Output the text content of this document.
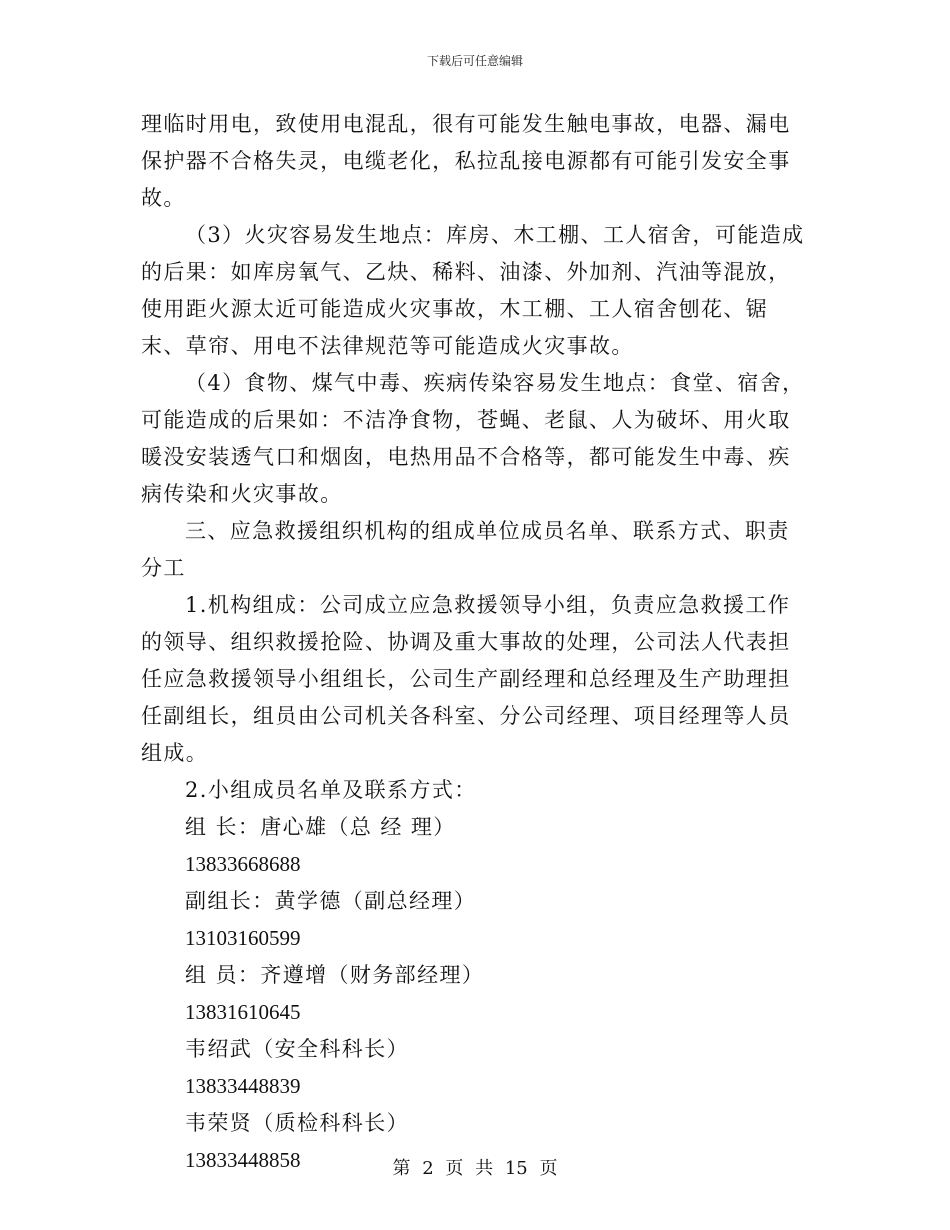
下载后可任意编辑

理临时用电，致使用电混乱，很有可能发生触电事故，电器、漏电保护器不合格失灵，电缆老化，私拉乱接电源都有可能引发安全事故。

（3）火灾容易发生地点：库房、木工棚、工人宿舍，可能造成的后果：如库房氧气、乙炔、稀料、油漆、外加剂、汽油等混放，使用距火源太近可能造成火灾事故，木工棚、工人宿舍刨花、锯末、草帘、用电不法律规范等可能造成火灾事故。

（4）食物、煤气中毒、疾病传染容易发生地点：食堂、宿舍，可能造成的后果如：不洁净食物，苍蝇、老鼠、人为破坏、用火取暖没安装透气口和烟囱，电热用品不合格等，都可能发生中毒、疾病传染和火灾事故。

三、应急救援组织机构的组成单位成员名单、联系方式、职责分工

1.机构组成：公司成立应急救援领导小组，负责应急救援工作的领导、组织救援抢险、协调及重大事故的处理，公司法人代表担任应急救援领导小组组长，公司生产副经理和总经理及生产助理担任副组长，组员由公司机关各科室、分公司经理、项目经理等人员组成。

2.小组成员名单及联系方式：

组 长：唐心雄（总 经 理）

13833668688

副组长：黄学德（副总经理）

13103160599

组 员：齐遵增（财务部经理）

13831610645

韦绍武（安全科科长）

13833448839

韦荣贤（质检科科长）

13833448858	第 2 页 共 15 页
